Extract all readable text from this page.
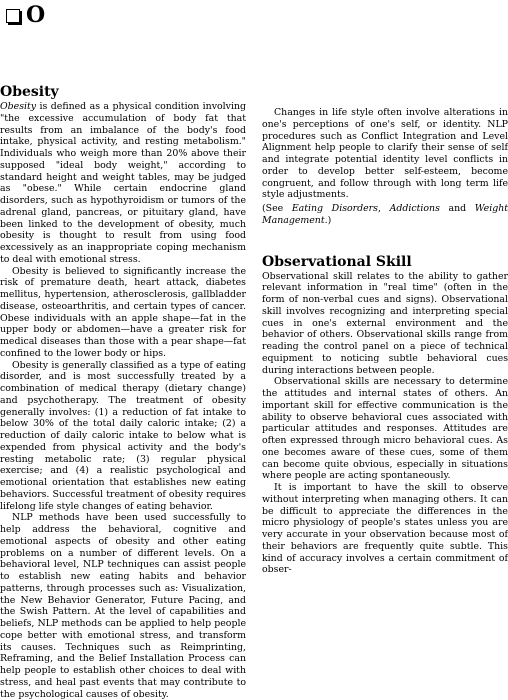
O
Obesity

Obesity is defined as a physical condition involving "the excessive accumulation of body fat that results from an imbalance of the body's food intake, physical activity, and resting metabolism." Individuals who weigh more than 20% above their supposed "ideal body weight," according to standard height and weight tables, may be judged as "obese." While certain endocrine gland disorders, such as hypothyroidism or tumors of the adrenal gland, pancreas, or pituitary gland, have been linked to the development of obesity, much obesity is thought to result from using food excessively as an inappropriate coping mechanism to deal with emotional stress.

Obesity is believed to significantly increase the risk of premature death, heart attack, diabetes mellitus, hypertension, atherosclerosis, gallbladder disease, osteoarthritis, and certain types of cancer. Obese individuals with an apple shape—fat in the upper body or abdomen—have a greater risk for medical diseases than those with a pear shape—fat confined to the lower body or hips.

Obesity is generally classified as a type of eating disorder, and is most successfully treated by a combination of medical therapy (dietary change) and psychotherapy. The treatment of obesity generally involves: (1) a reduction of fat intake to below 30% of the total daily caloric intake; (2) a reduction of daily caloric intake to below what is expended from physical activity and the body's resting metabolic rate; (3) regular physical exercise; and (4) a realistic psychological and emotional orientation that establishes new eating behaviors. Successful treatment of obesity requires lifelong life style changes of eating behavior.

NLP methods have been used successfully to help address the behavioral, cognitive and emotional aspects of obesity and other eating problems on a number of different levels. On a behavioral level, NLP techniques can assist people to establish new eating habits and behavior patterns, through processes such as: Visualization, the New Behavior Generator, Future Pacing, and the Swish Pattern. At the level of capabilities and beliefs, NLP methods can be applied to help people cope better with emotional stress, and transform its causes. Techniques such as Reimprinting, Reframing, and the Belief Installation Process can help people to establish other choices to deal with stress, and heal past events that may contribute to the psychological causes of obesity.

Changes in life style often involve alterations in one's perceptions of one's self, or identity. NLP procedures such as Conflict Integration and Level Alignment help people to clarify their sense of self and integrate potential identity level conflicts in order to develop better self-esteem, become congruent, and follow through with long term life style adjustments.

(See Eating Disorders, Addictions and Weight Management.)

Observational Skill

Observational skill relates to the ability to gather relevant information in "real time" (often in the form of non-verbal cues and signs). Observational skill involves recognizing and interpreting special cues in one's external environment and the behavior of others. Observational skills range from reading the control panel on a piece of technical equipment to noticing subtle behavioral cues during interactions between people.

Observational skills are necessary to determine the attitudes and internal states of others. An important skill for effective communication is the ability to observe behavioral cues associated with particular attitudes and responses. Attitudes are often expressed through micro behavioral cues. As one becomes aware of these cues, some of them can become quite obvious, especially in situations where people are acting spontaneously.

It is important to have the skill to observe without interpreting when managing others. It can be difficult to appreciate the differences in the micro physiology of people's states unless you are very accurate in your observation because most of their behaviors are frequently quite subtle. This kind of accuracy involves a certain commitment of obser-
